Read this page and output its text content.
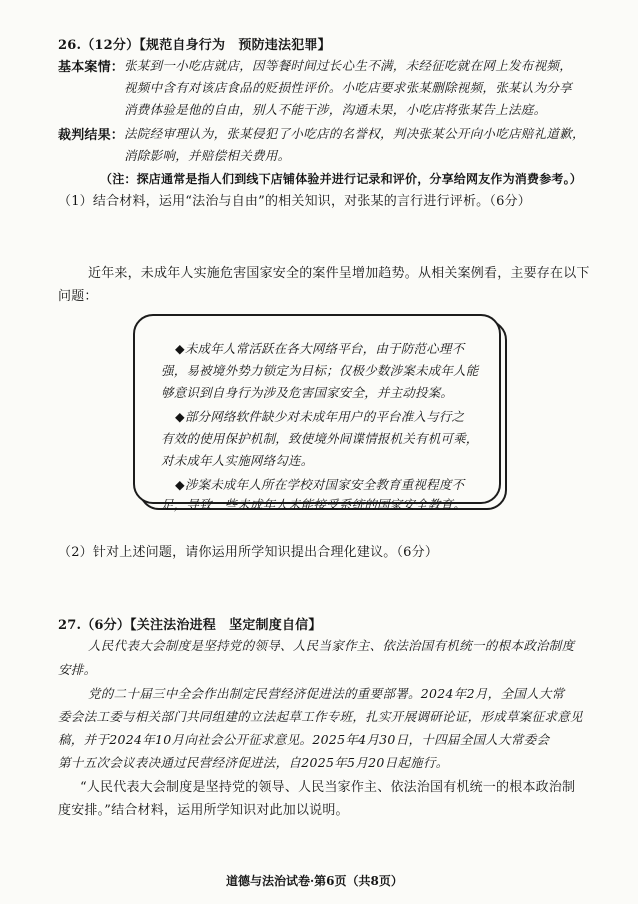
26.（12分）【规范自身行为　预防违法犯罪】

基本案情： 张某到一小吃店就店，因等餐时间过长心生不满，未经征吃就在网上发布视频，

视频中含有对该店食品的贬损性评价。小吃店要求张某删除视频，张某认为分享

消费体验是他的自由，别人不能干涉，沟通未果，小吃店将张某告上法庭。

裁判结果： 法院经审理认为，张某侵犯了小吃店的名誉权，判决张某公开向小吃店赔礼道歉，

消除影响，并赔偿相关费用。

（注：探店通常是指人们到线下店铺体验并进行记录和评价，分享给网友作为消费参考。）

（1）结合材料，运用“法治与自由”的相关知识，对张某的言行进行评析。（6分）

近年来，未成年人实施危害国家安全的案件呈增加趋势。从相关案例看，主要存在以下

问题：

◆未成年人常活跃在各大网络平台，由于防范心理不

强，易被境外势力锁定为目标；仅极少数涉案未成年人能

够意识到自身行为涉及危害国家安全，并主动投案。

◆部分网络软件缺少对未成年用户的平台准入与行之

有效的使用保护机制，致使境外间谍情报机关有机可乘，

对未成年人实施网络勾连。

◆涉案未成年人所在学校对国家安全教育重视程度不

足，导致一些未成年人未能接受系统的国家安全教育。

（2）针对上述问题，请你运用所学知识提出合理化建议。（6分）

27.（6分）【关注法治进程　坚定制度自信】

人民代表大会制度是坚持党的领导、人民当家作主、依法治国有机统一的根本政治制度

安排。

党的二十届三中全会作出制定民营经济促进法的重要部署。2024年2月，全国人大常

委会法工委与相关部门共同组建的立法起草工作专班，扎实开展调研论证，形成草案征求意见

稿，并于2024年10月向社会公开征求意见。2025年4月30日，十四届全国人大常委会

第十五次会议表决通过民营经济促进法，自2025年5月20日起施行。

“人民代表大会制度是坚持党的领导、人民当家作主、依法治国有机统一的根本政治制

度安排。”结合材料，运用所学知识对此加以说明。

道德与法治试卷·第6页（共8页）
